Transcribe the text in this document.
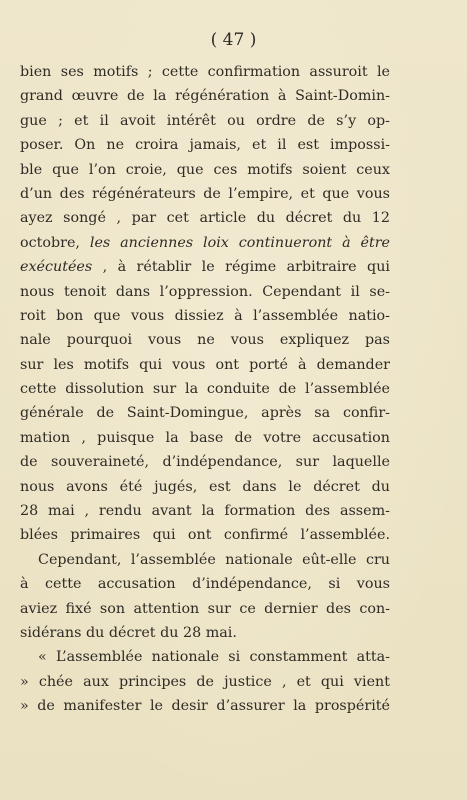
( 47 )
bien ses motifs ; cette confirmation assuroit le
grand œuvre de la régénération à Saint-Domin-
gue ; et il avoit intérêt ou ordre de s’y op-
poser. On ne croira jamais, et il est impossi-
ble que l’on croie, que ces motifs soient ceux
d’un des régénérateurs de l’empire, et que vous
ayez songé , par cet article du décret du 12
octobre, les anciennes loix continueront à être
exécutées , à rétablir le régime arbitraire qui
nous tenoit dans l’oppression. Cependant il se-
roit bon que vous dissiez à l’assemblée natio-
nale pourquoi vous ne vous expliquez pas
sur les motifs qui vous ont porté à demander
cette dissolution sur la conduite de l’assemblée
générale de Saint-Domingue, après sa confir-
mation , puisque la base de votre accusation
de souveraineté, d’indépendance, sur laquelle
nous avons été jugés, est dans le décret du
28 mai , rendu avant la formation des assem-
blées primaires qui ont confirmé l’assemblée.
Cependant, l’assemblée nationale eût-elle cru
à cette accusation d’indépendance, si vous
aviez fixé son attention sur ce dernier des con-
sidérans du décret du 28 mai.
« L’assemblée nationale si constamment atta-
» chée aux principes de justice , et qui vient
» de manifester le desir d’assurer la prospérité
